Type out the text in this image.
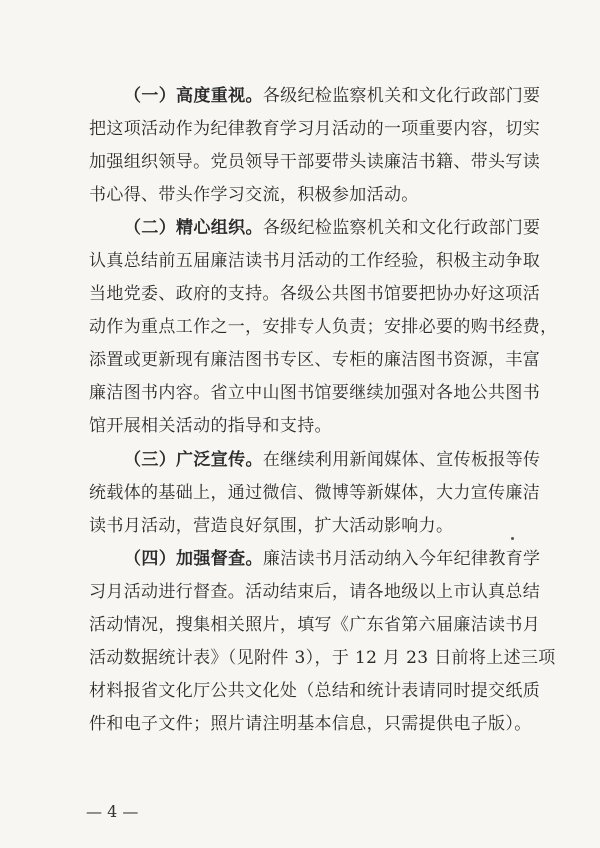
（一）高度重视。各级纪检监察机关和文化行政部门要
把这项活动作为纪律教育学习月活动的一项重要内容，切实
加强组织领导。党员领导干部要带头读廉洁书籍、带头写读
书心得、带头作学习交流，积极参加活动。
（二）精心组织。各级纪检监察机关和文化行政部门要
认真总结前五届廉洁读书月活动的工作经验，积极主动争取
当地党委、政府的支持。各级公共图书馆要把协办好这项活
动作为重点工作之一，安排专人负责；安排必要的购书经费，
添置或更新现有廉洁图书专区、专柜的廉洁图书资源，丰富
廉洁图书内容。省立中山图书馆要继续加强对各地公共图书
馆开展相关活动的指导和支持。
（三）广泛宣传。在继续利用新闻媒体、宣传板报等传
统载体的基础上，通过微信、微博等新媒体，大力宣传廉洁
读书月活动，营造良好氛围，扩大活动影响力。
（四）加强督查。廉洁读书月活动纳入今年纪律教育学
习月活动进行督查。活动结束后，请各地级以上市认真总结
活动情况，搜集相关照片，填写《广东省第六届廉洁读书月
活动数据统计表》（见附件 3），于 12 月 23 日前将上述三项
材料报省文化厅公共文化处（总结和统计表请同时提交纸质
件和电子文件；照片请注明基本信息，只需提供电子版）。
— 4 —
